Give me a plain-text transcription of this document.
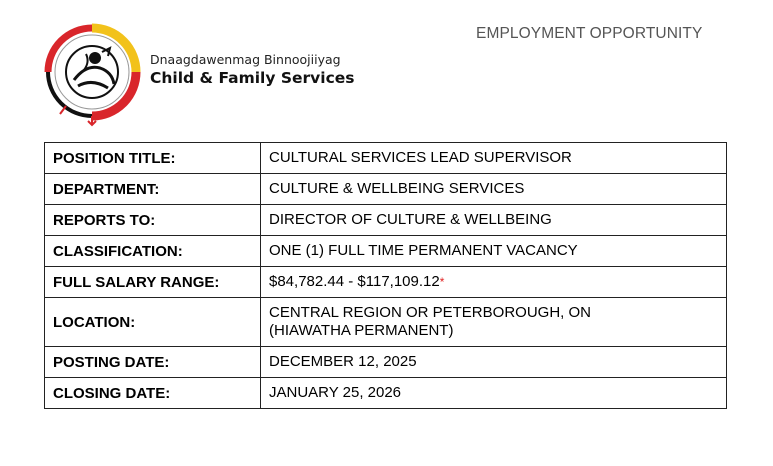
EMPLOYMENT OPPORTUNITY
Dnaagdawenmag Binnoojiiyag
Child & Family Services
POSITION TITLE:	CULTURAL SERVICES LEAD SUPERVISOR
DEPARTMENT:	CULTURE & WELLBEING SERVICES
REPORTS TO:	DIRECTOR OF CULTURE & WELLBEING
CLASSIFICATION:	ONE (1) FULL TIME PERMANENT VACANCY
FULL SALARY RANGE:	$84,782.44 - $117,109.12*
LOCATION:	CENTRAL REGION OR PETERBOROUGH, ON
(HIAWATHA PERMANENT)

POSTING DATE:	DECEMBER 12, 2025
CLOSING DATE:	JANUARY 25, 2026
